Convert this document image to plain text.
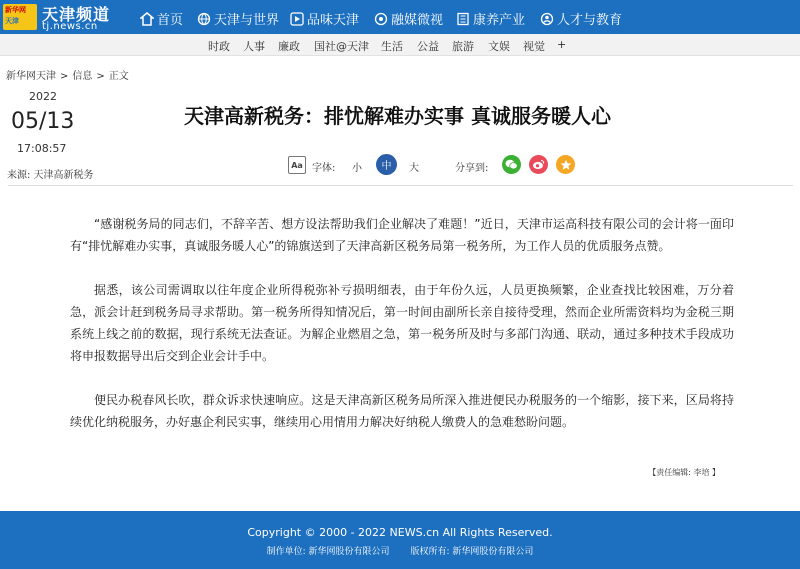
新华网
天津 天津频道
tj.news.cn	首页 天津与世界 品味天津 融媒微视 康养产业 人才与教育
时政 人事 廉政 国社@天津 生活 公益 旅游 文娱 视觉 +
新华网天津 > 信息 > 正文
2022
05/13
17:08:57
来源: 天津高新税务
天津高新税务：排忧解难办实事 真诚服务暖人心
Aa 字体: 小	中	大	分享到:

“感谢税务局的同志们，不辞辛苦、想方设法帮助我们企业解决了难题！”近日，天津市运高科技有限公司的会计将一面印有“排忧解难办实事，真诚服务暖人心”的锦旗送到了天津高新区税务局第一税务所，为工作人员的优质服务点赞。

据悉，该公司需调取以往年度企业所得税弥补亏损明细表，由于年份久远，人员更换频繁，企业查找比较困难，万分着急，派会计赶到税务局寻求帮助。第一税务所得知情况后，第一时间由副所长亲自接待受理，然而企业所需资料均为金税三期系统上线之前的数据，现行系统无法查证。为解企业燃眉之急，第一税务所及时与多部门沟通、联动，通过多种技术手段成功将申报数据导出后交到企业会计手中。

便民办税春风长吹，群众诉求快速响应。这是天津高新区税务局所深入推进便民办税服务的一个缩影，接下来，区局将持续优化纳税服务，办好惠企利民实事，继续用心用情用力解决好纳税人缴费人的急难愁盼问题。

【责任编辑: 李培 】
Copyright © 2000 - 2022 NEWS.cn All Rights Reserved.
制作单位: 新华网股份有限公司 版权所有: 新华网股份有限公司
